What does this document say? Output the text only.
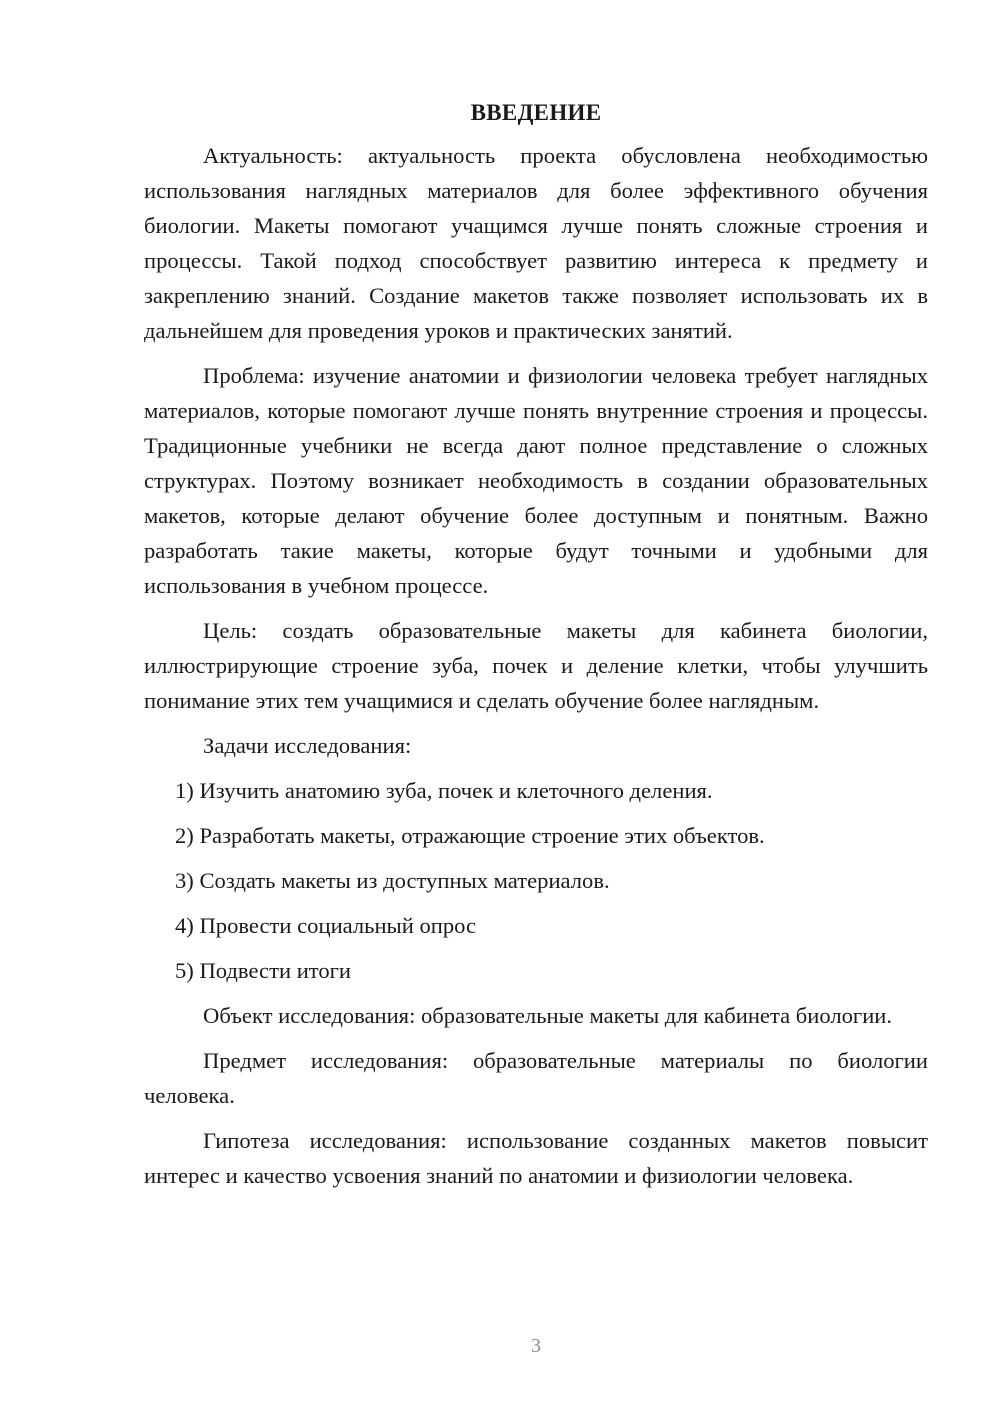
ВВЕДЕНИЕ

Актуальность: актуальность проекта обусловлена необходимостью использования наглядных материалов для более эффективного обучения биологии. Макеты помогают учащимся лучше понять сложные строения и процессы. Такой подход способствует развитию интереса к предмету и закреплению знаний. Создание макетов также позволяет использовать их в дальнейшем для проведения уроков и практических занятий.

Проблема: изучение анатомии и физиологии человека требует наглядных материалов, которые помогают лучше понять внутренние строения и процессы. Традиционные учебники не всегда дают полное представление о сложных структурах. Поэтому возникает необходимость в создании образовательных макетов, которые делают обучение более доступным и понятным. Важно разработать такие макеты, которые будут точными и удобными для использования в учебном процессе.

Цель: создать образовательные макеты для кабинета биологии, иллюстрирующие строение зуба, почек и деление клетки, чтобы улучшить понимание этих тем учащимися и сделать обучение более наглядным.

Задачи исследования:
1) Изучить анатомию зуба, почек и клеточного деления.
2) Разработать макеты, отражающие строение этих объектов.
3) Создать макеты из доступных материалов.
4) Провести социальный опрос
5) Подвести итоги

Объект исследования: образовательные макеты для кабинета биологии.

Предмет исследования: образовательные материалы по биологии человека.

Гипотеза исследования: использование созданных макетов повысит интерес и качество усвоения знаний по анатомии и физиологии человека.

3
